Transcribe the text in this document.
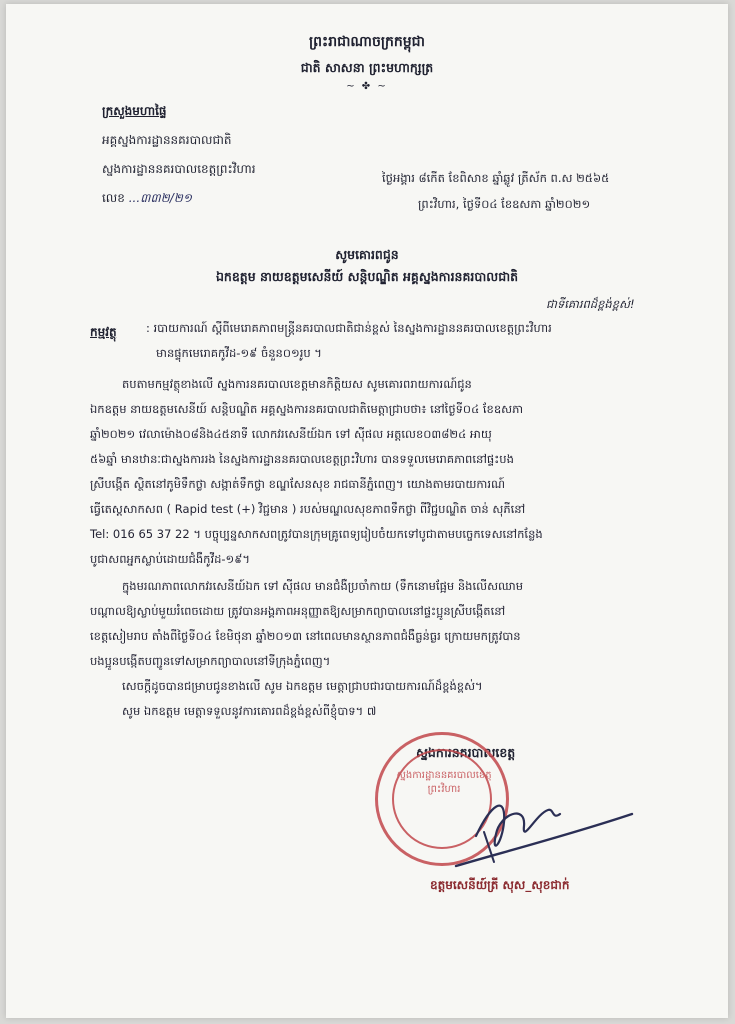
ព្រះរាជាណាចក្រកម្ពុជា
ជាតិ សាសនា ព្រះមហាក្សត្រ
~ ✤ ~
ក្រសួងមហាផ្ទៃ
អគ្គស្នងការដ្ឋាននគរបាលជាតិ
ស្នងការដ្ឋាននគរបាលខេត្តព្រះវិហារ
លេខ ...៣៣២/២១
ថ្ងៃអង្គារ ៨កើត ខែពិសាខ ឆ្នាំឆ្លូវ ត្រីស័ក ព.ស ២៥៦៥
ព្រះវិហារ, ថ្ងៃទី០៤ ខែឧសភា ឆ្នាំ២០២១
សូមគោរពជូន
ឯកឧត្តម នាយឧត្តមសេនីយ៍ សន្តិបណ្ឌិត អគ្គស្នងការនគរបាលជាតិ
ជាទីគោរពដ៏ខ្ពង់ខ្ពស់!
កម្មវត្ថុ	: របាយការណ៍ ស្តីពីមេរោគភាពមន្ត្រីនគរបាលជាតិជាន់ខ្ពស់ នៃស្នងការដ្ឋាននគរបាលខេត្តព្រះវិហារ
មានផ្ទុកមេរោគកូវីដ-១៩ ចំនួន០១រូប ។
តបតាមកម្មវត្ថុខាងលើ ស្នងការនគរបាលខេត្តមានកិត្តិយស សូមគោរពរាយការណ៍ជូន
ឯកឧត្តម នាយឧត្តមសេនីយ៍ សន្តិបណ្ឌិត អគ្គស្នងការនគរបាលជាតិមេត្តាជ្រាបថា៖ នៅថ្ងៃទី០៤ ខែឧសភា
ឆ្នាំ២០២១ វេលាម៉ោង០៨និង៤៥នាទី លោកវរសេនីយ៍ឯក ទៅ ស៊ីផល អត្តលេខ០៣៨២៤ អាយុ
៥៦ឆ្នាំ មានឋានៈជាស្នងការរង នៃស្នងការដ្ឋាននគរបាលខេត្តព្រះវិហារ បានទទួលមេរោគភាពនៅផ្ទះបង
ស្រីបង្កើត ស្ថិតនៅភូមិទឹកថ្លា សង្កាត់ទឹកថ្លា ខណ្ឌសែនសុខ រាជធានីភ្នំពេញ។ យោងតាមរបាយការណ៍
ធ្វើតេស្តសាកសព ( Rapid test (+) វិជ្ជមាន ) របស់មណ្ឌលសុខភាពទឹកថ្លា ពីវិជ្ជបណ្ឌិត ចាន់ សុភីនៅ
Tel: 016 65 37 22 ។ បច្ចុប្បន្នសាកសពត្រូវបានក្រុមគ្រូពេទ្យរៀបចំយកទៅបូជាតាមបច្ចេកទេសនៅកន្លែង
បូជាសពអ្នកស្លាប់ដោយជំងឺកូវីដ-១៩។
ក្នុងមរណភាពលោកវរសេនីយ៍ឯក ទៅ ស៊ីផល មានជំងឺប្រចាំកាយ (ទឹកនោមផ្អែម និងលើសឈាម
បណ្តាលឱ្យស្លាប់មួយរំពេចដោយ ត្រូវបានអង្គភាពអនុញ្ញាតឱ្យសម្រាកព្យាបាលនៅផ្ទះប្អូនស្រីបង្កើតនៅ
ខេត្តសៀមរាប តាំងពីថ្ងៃទី០៤ ខែមិថុនា ឆ្នាំ២០១៣ នៅពេលមានស្ថានភាពជំងឺធ្ងន់ធ្ងរ ក្រោយមកត្រូវបាន
បងប្អូនបង្កើតបញ្ជូនទៅសម្រាកព្យាបាលនៅទីក្រុងភ្នំពេញ។
សេចក្តីដូចបានជម្រាបជូនខាងលើ សូម ឯកឧត្តម មេត្តាជ្រាបជារបាយការណ៍ដ៏ខ្ពង់ខ្ពស់។
សូម ឯកឧត្តម មេត្តាទទួលនូវការគោរពដ៏ខ្ពង់ខ្ពស់ពីខ្ញុំបាទ។ ៧
ស្នងការនគរបាលខេត្ត
ស្នងការដ្ឋាននគរបាលខេត្តព្រះវិហារ
ឧត្តមសេនីយ៍ត្រី សុស_សុខជាក់
